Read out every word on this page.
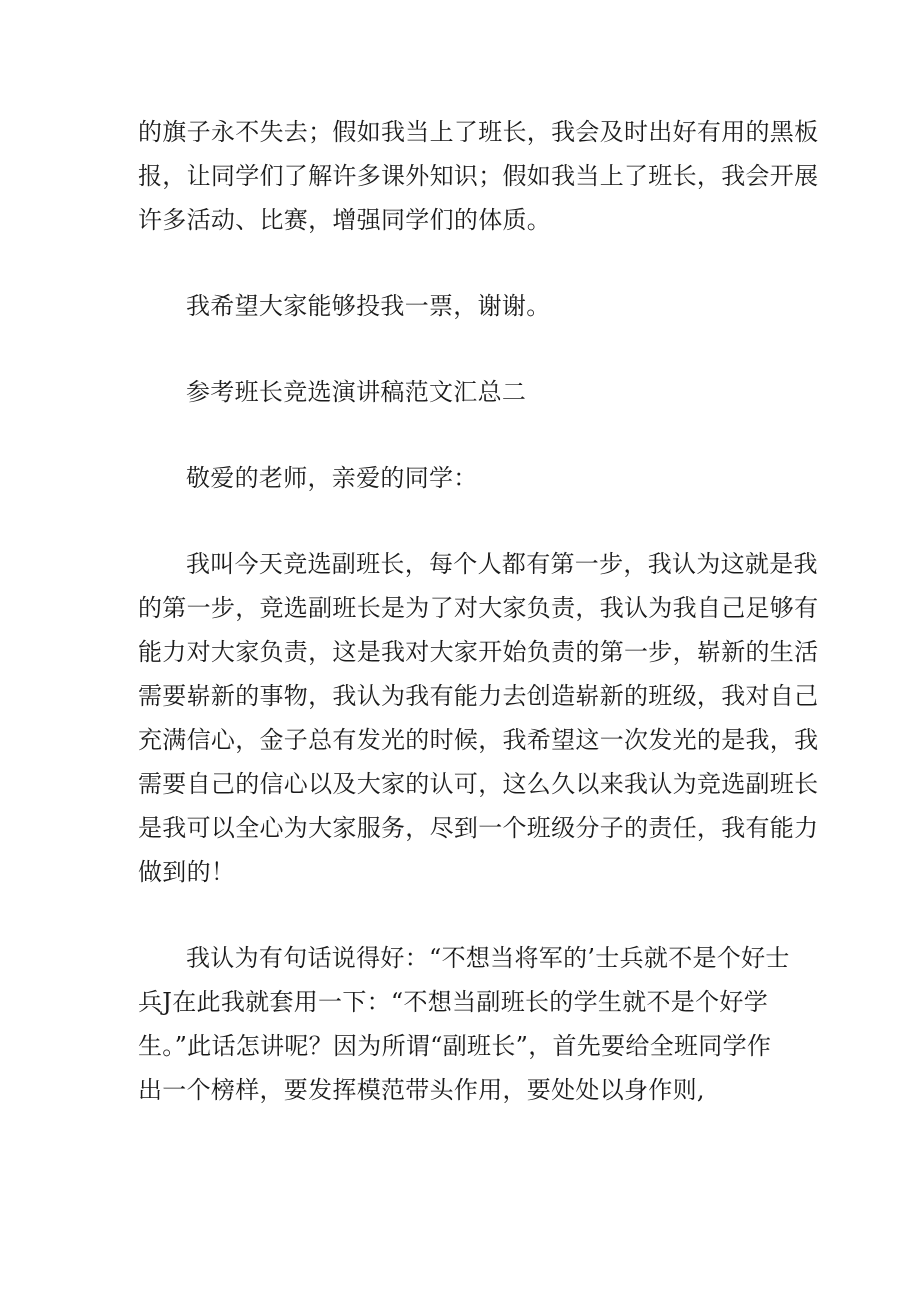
的旗子永不失去；假如我当上了班长，我会及时出好有用的黑板
报，让同学们了解许多课外知识；假如我当上了班长，我会开展
许多活动、比赛，增强同学们的体质。
我希望大家能够投我一票，谢谢。
参考班长竞选演讲稿范文汇总二
敬爱的老师，亲爱的同学：
我叫今天竞选副班长，每个人都有第一步，我认为这就是我
的第一步，竞选副班长是为了对大家负责，我认为我自己足够有
能力对大家负责，这是我对大家开始负责的第一步，崭新的生活
需要崭新的事物，我认为我有能力去创造崭新的班级，我对自己
充满信心，金子总有发光的时候，我希望这一次发光的是我，我
需要自己的信心以及大家的认可，这么久以来我认为竞选副班长
是我可以全心为大家服务，尽到一个班级分子的责任，我有能力
做到的！
我认为有句话说得好：“不想当将军的’士兵就不是个好士
兵J在此我就套用一下：“不想当副班长的学生就不是个好学
生。”此话怎讲呢？因为所谓“副班长”，首先要给全班同学作
出一个榜样，要发挥模范带头作用，要处处以身作则,
